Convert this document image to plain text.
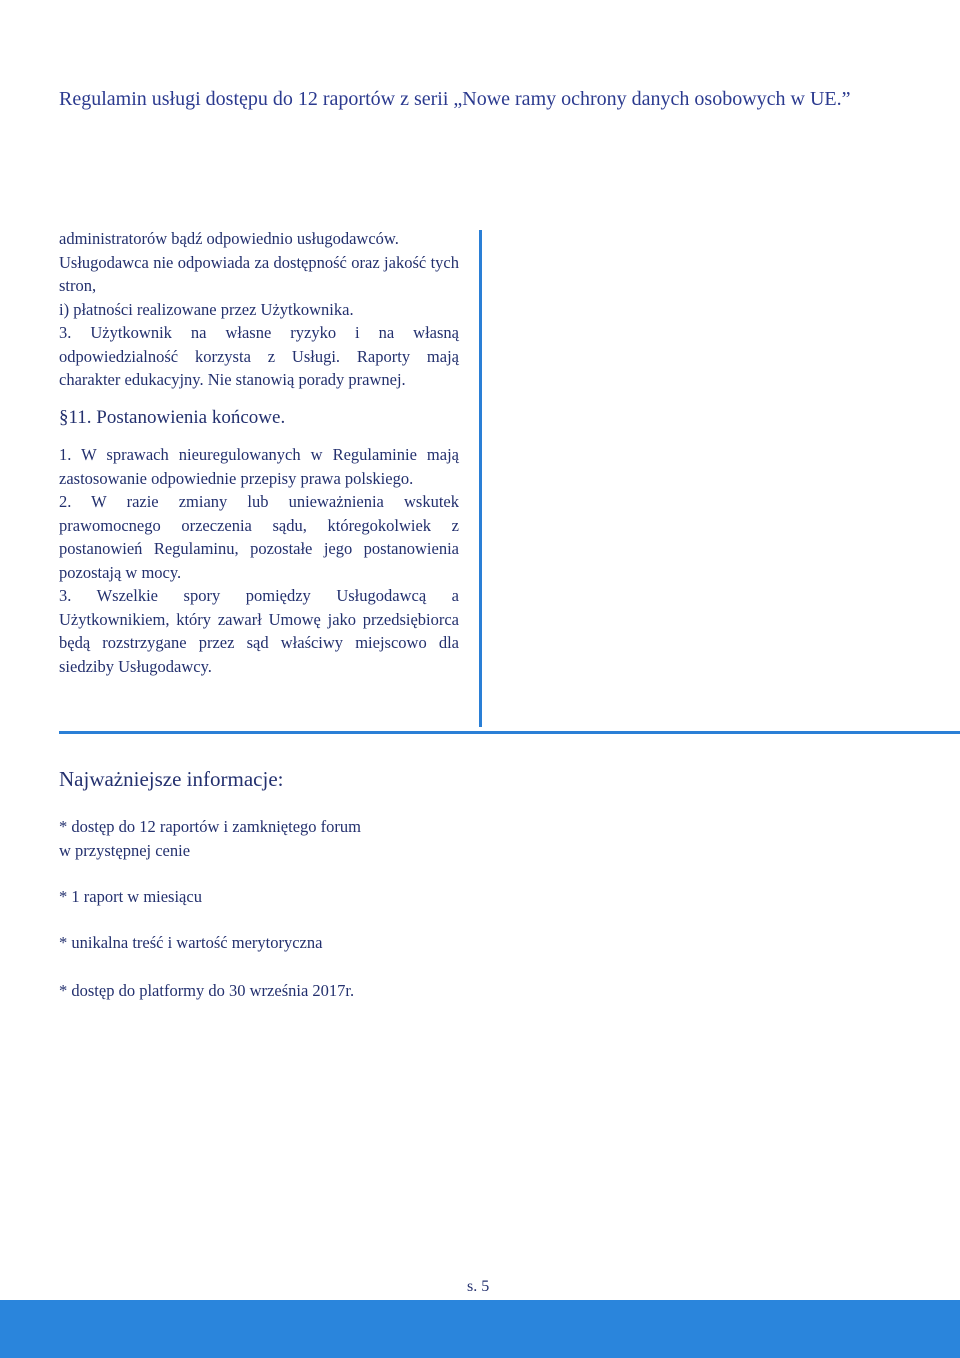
Regulamin usługi dostępu do 12 raportów z serii „Nowe ramy ochrony danych osobowych w UE.”

administratorów bądź odpowiednio usługodawców.

Usługodawca nie odpowiada za dostępność oraz jakość tych stron,

i) płatności realizowane przez Użytkownika.

3. Użytkownik na własne ryzyko i na własną odpowiedzialność korzysta z Usługi. Raporty mają charakter edukacyjny. Nie stanowią porady prawnej.

§11. Postanowienia końcowe.

1. W sprawach nieuregulowanych w Regulaminie mają zastosowanie odpowiednie przepisy prawa polskiego.

2. W razie zmiany lub unieważnienia wskutek prawomocnego orzeczenia sądu, któregokolwiek z postanowień Regulaminu, pozostałe jego postanowienia pozostają w mocy.

3. Wszelkie spory pomiędzy Usługodawcą a Użytkownikiem, który zawarł Umowę jako przedsiębiorca będą rozstrzygane przez sąd właściwy miejscowo dla siedziby Usługodawcy.

Najważniejsze informacje:
* dostęp do 12 raportów i zamkniętego forum
w przystępnej cenie
* 1 raport w miesiącu
* unikalna treść i wartość merytoryczna
* dostęp do platformy do 30 września 2017r.
s. 5
